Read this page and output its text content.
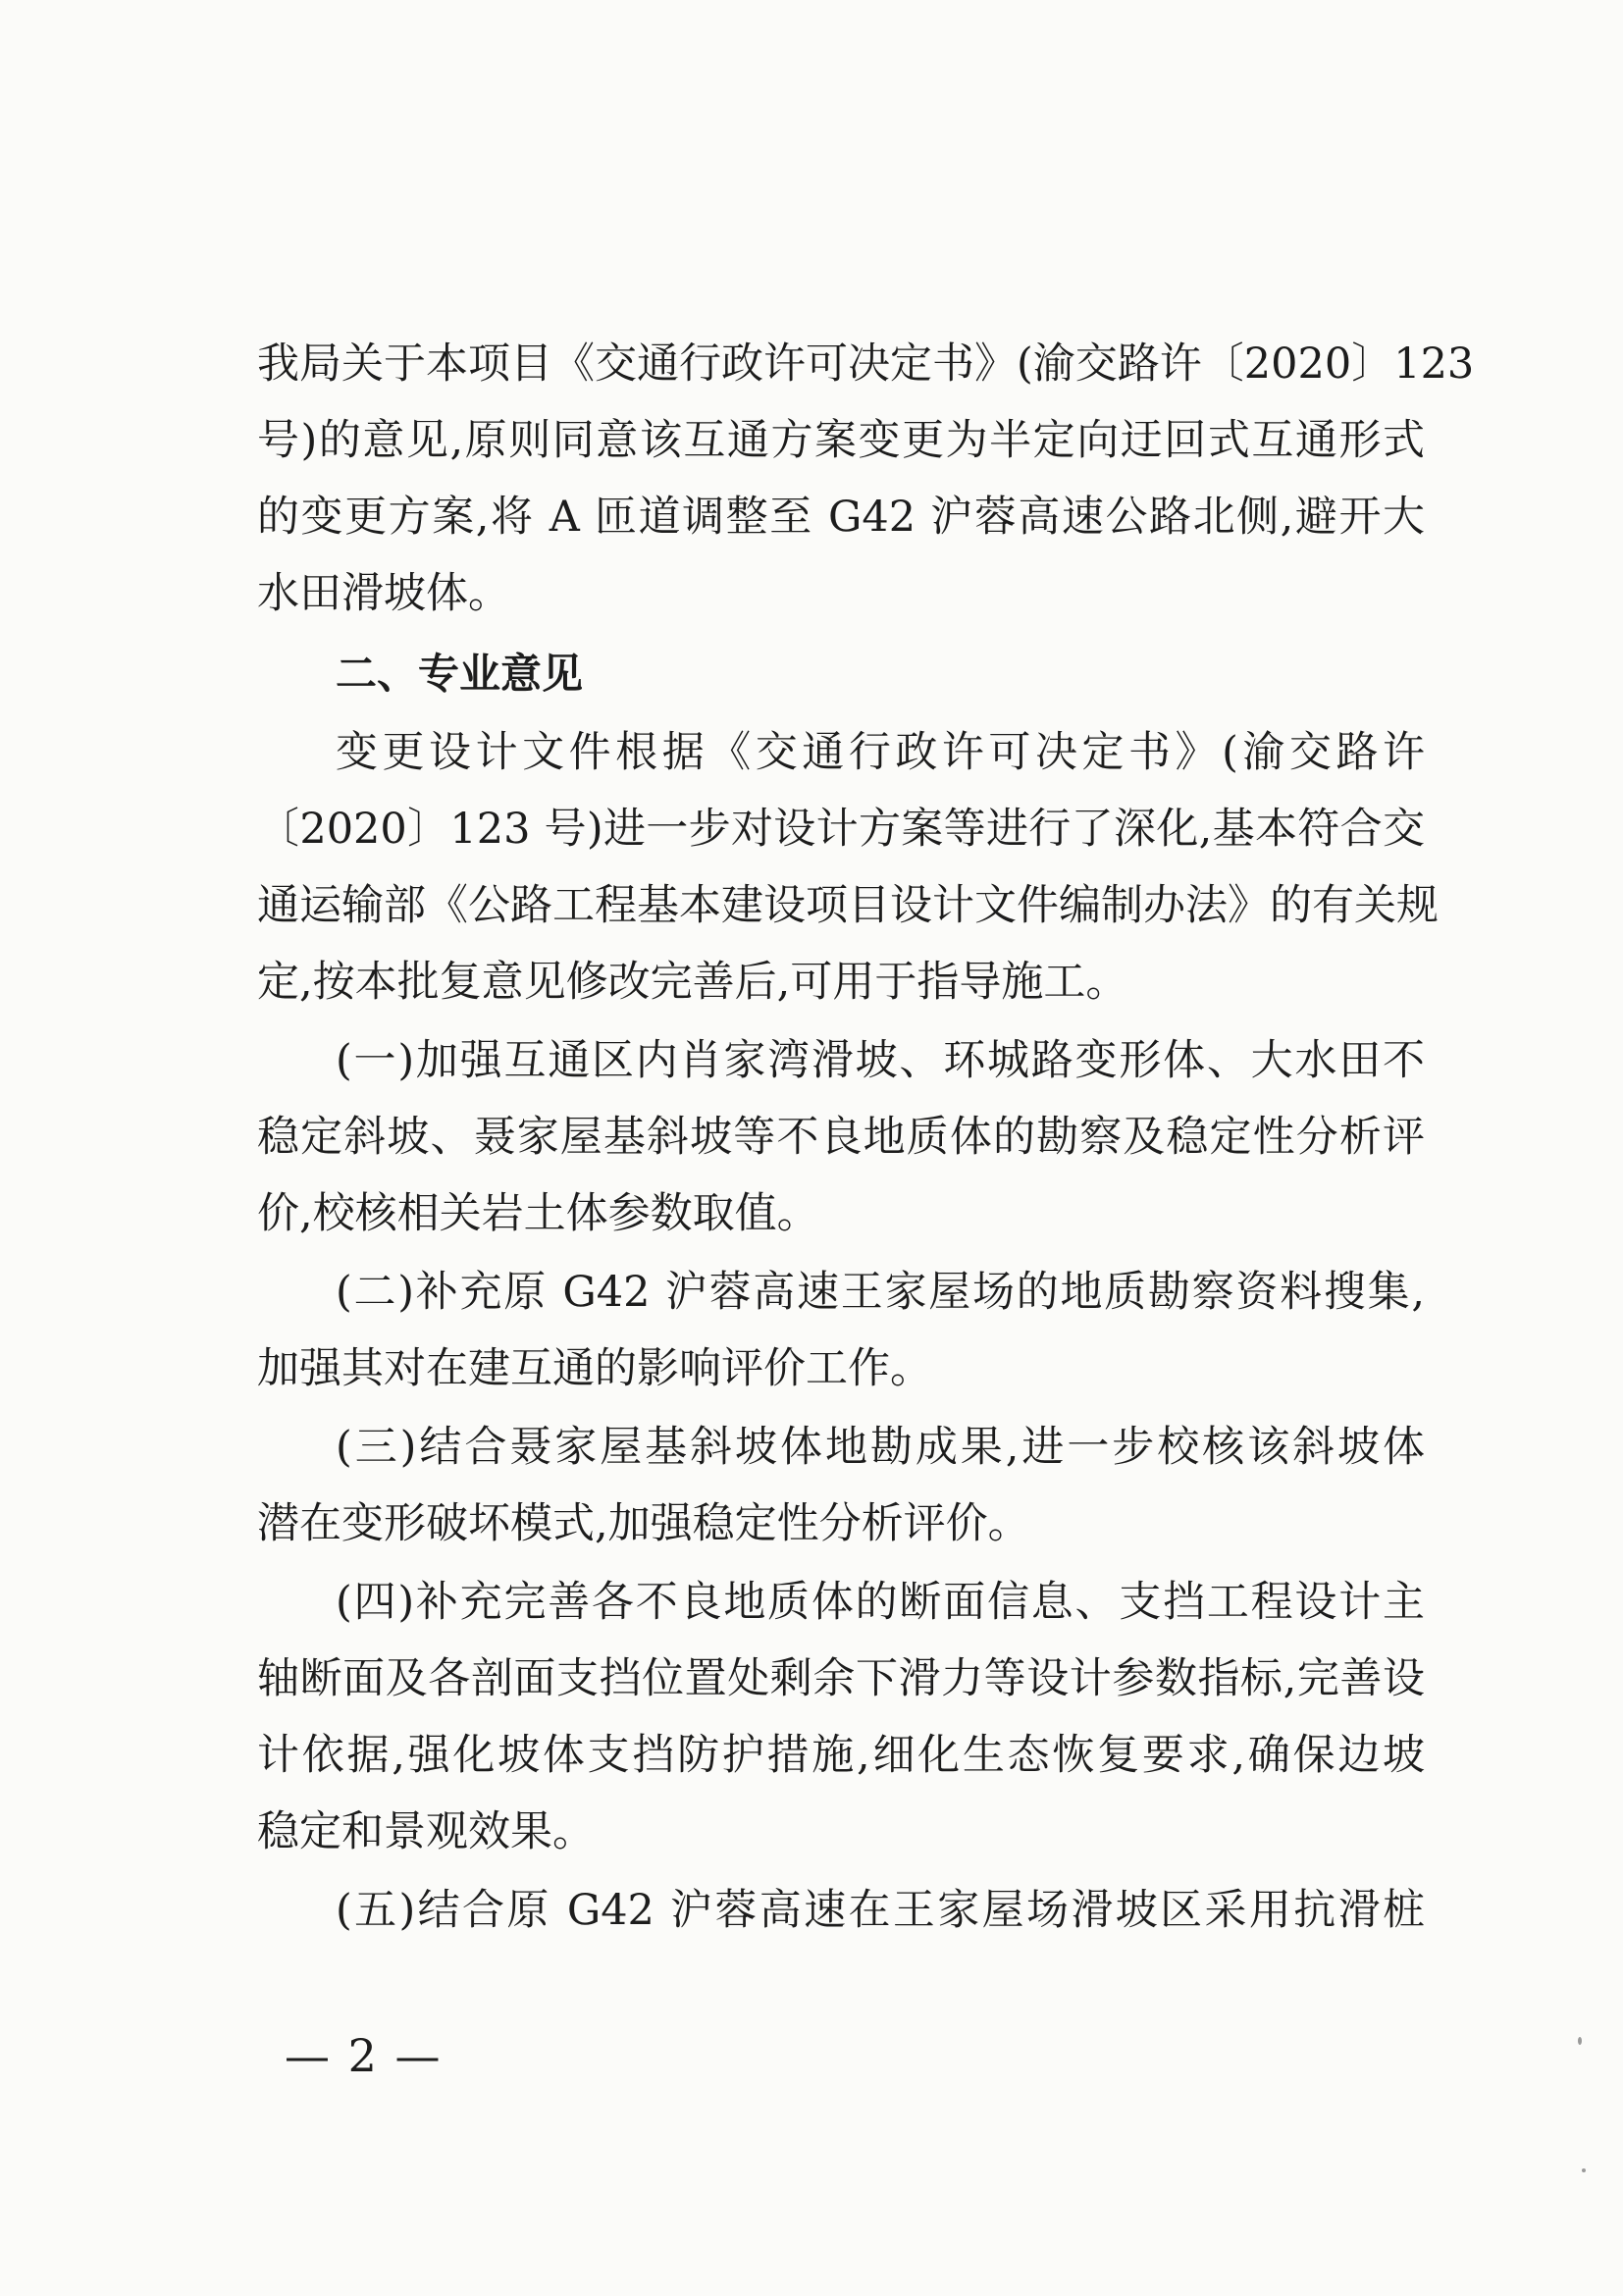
我局关于本项目《交通行政许可决定书》(渝交路许〔2020〕123
号)的意见,原则同意该互通方案变更为半定向迂回式互通形式
的变更方案,将 A 匝道调整至 G42 沪蓉高速公路北侧,避开大
水田滑坡体。
二、专业意见
变更设计文件根据《交通行政许可决定书》(渝交路许
〔2020〕123 号)进一步对设计方案等进行了深化,基本符合交
通运输部《公路工程基本建设项目设计文件编制办法》的有关规
定,按本批复意见修改完善后,可用于指导施工。
(一)加强互通区内肖家湾滑坡、环城路变形体、大水田不
稳定斜坡、聂家屋基斜坡等不良地质体的勘察及稳定性分析评
价,校核相关岩土体参数取值。
(二)补充原 G42 沪蓉高速王家屋场的地质勘察资料搜集,
加强其对在建互通的影响评价工作。
(三)结合聂家屋基斜坡体地勘成果,进一步校核该斜坡体
潜在变形破坏模式,加强稳定性分析评价。
(四)补充完善各不良地质体的断面信息、支挡工程设计主
轴断面及各剖面支挡位置处剩余下滑力等设计参数指标,完善设
计依据,强化坡体支挡防护措施,细化生态恢复要求,确保边坡
稳定和景观效果。
(五)结合原 G42 沪蓉高速在王家屋场滑坡区采用抗滑桩
— 2 —
